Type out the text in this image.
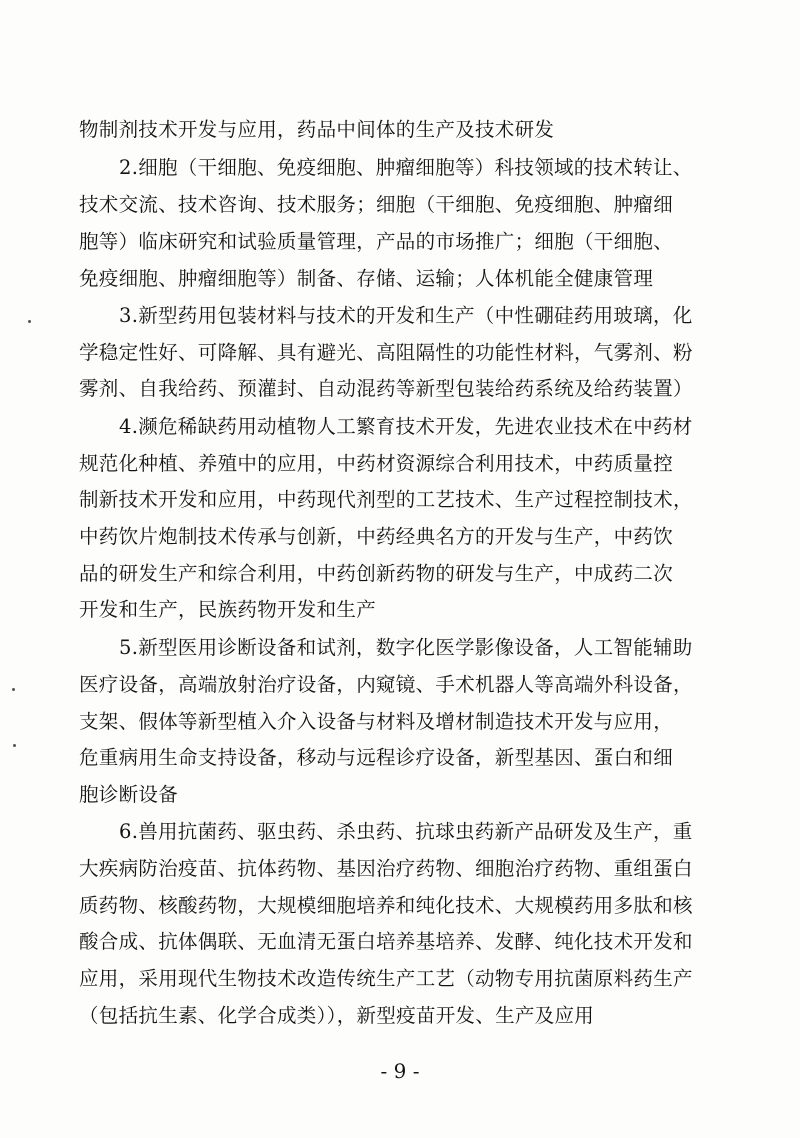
物制剂技术开发与应用，药品中间体的生产及技术研发
2.细胞（干细胞、免疫细胞、肿瘤细胞等）科技领域的技术转让、
技术交流、技术咨询、技术服务；细胞（干细胞、免疫细胞、肿瘤细
胞等）临床研究和试验质量管理，产品的市场推广；细胞（干细胞、
免疫细胞、肿瘤细胞等）制备、存储、运输；人体机能全健康管理
3.新型药用包装材料与技术的开发和生产（中性硼硅药用玻璃，化
学稳定性好、可降解、具有避光、高阻隔性的功能性材料，气雾剂、粉
雾剂、自我给药、预灌封、自动混药等新型包装给药系统及给药装置）
4.濒危稀缺药用动植物人工繁育技术开发，先进农业技术在中药材
规范化种植、养殖中的应用，中药材资源综合利用技术，中药质量控
制新技术开发和应用，中药现代剂型的工艺技术、生产过程控制技术，
中药饮片炮制技术传承与创新，中药经典名方的开发与生产，中药饮
品的研发生产和综合利用，中药创新药物的研发与生产，中成药二次
开发和生产，民族药物开发和生产
5.新型医用诊断设备和试剂，数字化医学影像设备，人工智能辅助
医疗设备，高端放射治疗设备，内窥镜、手术机器人等高端外科设备，
支架、假体等新型植入介入设备与材料及增材制造技术开发与应用，
危重病用生命支持设备，移动与远程诊疗设备，新型基因、蛋白和细
胞诊断设备
6.兽用抗菌药、驱虫药、杀虫药、抗球虫药新产品研发及生产，重
大疾病防治疫苗、抗体药物、基因治疗药物、细胞治疗药物、重组蛋白
质药物、核酸药物，大规模细胞培养和纯化技术、大规模药用多肽和核
酸合成、抗体偶联、无血清无蛋白培养基培养、发酵、纯化技术开发和
应用，采用现代生物技术改造传统生产工艺（动物专用抗菌原料药生产
（包括抗生素、化学合成类）），新型疫苗开发、生产及应用
- 9 -
